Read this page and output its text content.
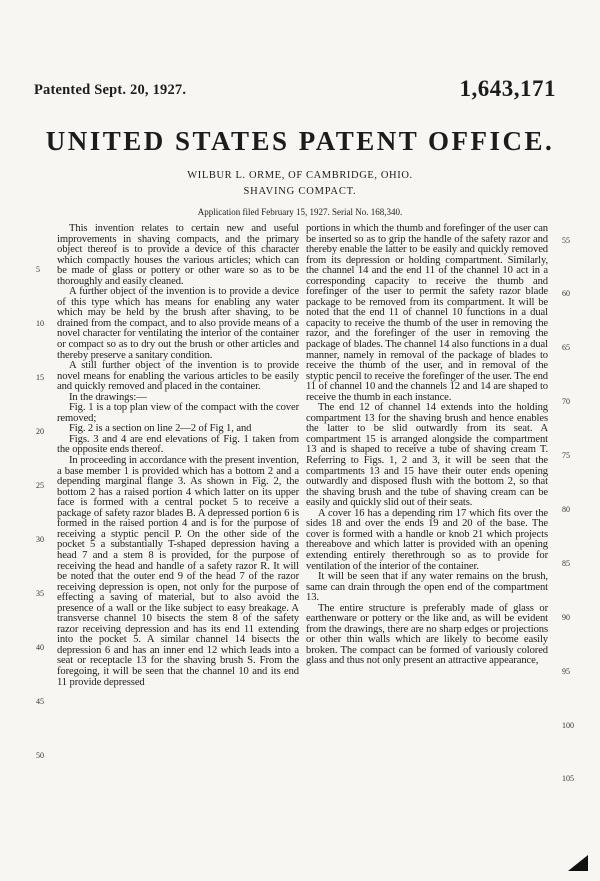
Patented Sept. 20, 1927.	1,643,171
UNITED STATES PATENT OFFICE.
WILBUR L. ORME, OF CAMBRIDGE, OHIO.
SHAVING COMPACT.
Application filed February 15, 1927. Serial No. 168,340.

This invention relates to certain new and useful improvements in shaving compacts, and the primary object thereof is to provide a device of this character which compactly houses the various articles; which can be made of glass or pottery or other ware so as to be thoroughly and easily cleaned.

A further object of the invention is to provide a device of this type which has means for enabling any water which may be held by the brush after shaving, to be drained from the compact, and to also provide means of a novel character for ventilating the interior of the container or compact so as to dry out the brush or other articles and thereby preserve a sanitary condition.

A still further object of the invention is to provide novel means for enabling the various articles to be easily and quickly removed and placed in the container.

In the drawings:—

Fig. 1 is a top plan view of the compact with the cover removed;

Fig. 2 is a section on line 2—2 of Fig 1, and

Figs. 3 and 4 are end elevations of Fig. 1 taken from the opposite ends thereof.

In proceeding in accordance with the present invention, a base member 1 is provided which has a bottom 2 and a depending marginal flange 3. As shown in Fig. 2, the bottom 2 has a raised portion 4 which latter on its upper face is formed with a central pocket 5 to receive a package of safety razor blades B. A depressed portion 6 is formed in the raised portion 4 and is for the purpose of receiving a styptic pencil P. On the other side of the pocket 5 a substantially T-shaped depression having a head 7 and a stem 8 is provided, for the purpose of receiving the head and handle of a safety razor R. It will be noted that the outer end 9 of the head 7 of the razor receiving depression is open, not only for the purpose of effecting a saving of material, but to also avoid the presence of a wall or the like subject to easy breakage. A transverse channel 10 bisects the stem 8 of the safety razor receiving depression and has its end 11 extending into the pocket 5. A similar channel 14 bisects the depression 6 and has an inner end 12 which leads into a seat or receptacle 13 for the shaving brush S. From the foregoing, it will be seen that the channel 10 and its end 11 provide depressed

portions in which the thumb and forefinger of the user can be inserted so as to grip the handle of the safety razor and thereby enable the latter to be easily and quickly removed from its depression or holding compartment. Similarly, the channel 14 and the end 11 of the channel 10 act in a corresponding capacity to receive the thumb and forefinger of the user to permit the safety razor blade package to be removed from its compartment. It will be noted that the end 11 of channel 10 functions in a dual capacity to receive the thumb of the user in removing the razor, and the forefinger of the user in removing the package of blades. The channel 14 also functions in a dual manner, namely in removal of the package of blades to receive the thumb of the user, and in removal of the styptic pencil to receive the forefinger of the user. The end 11 of channel 10 and the channels 12 and 14 are shaped to receive the thumb in each instance.

The end 12 of channel 14 extends into the holding compartment 13 for the shaving brush and hence enables the latter to be slid outwardly from its seat. A compartment 15 is arranged alongside the compartment 13 and is shaped to receive a tube of shaving cream T. Referring to Figs. 1, 2 and 3, it will be seen that the compartments 13 and 15 have their outer ends opening outwardly and disposed flush with the bottom 2, so that the shaving brush and the tube of shaving cream can be easily and quickly slid out of their seats.

A cover 16 has a depending rim 17 which fits over the sides 18 and over the ends 19 and 20 of the base. The cover is formed with a handle or knob 21 which projects thereabove and which latter is provided with an opening extending entirely therethrough so as to provide for ventilation of the interior of the container.

It will be seen that if any water remains on the brush, same can drain through the open end of the compartment 13.

The entire structure is preferably made of glass or earthenware or pottery or the like and, as will be evident from the drawings, there are no sharp edges or projections or other thin walls which are likely to become easily broken. The compact can be formed of variously colored glass and thus not only present an attractive appearance,

5
10
15
20
25
30
35
40
45
50
55
60
65
70
75
80
85
90
95
100
105
